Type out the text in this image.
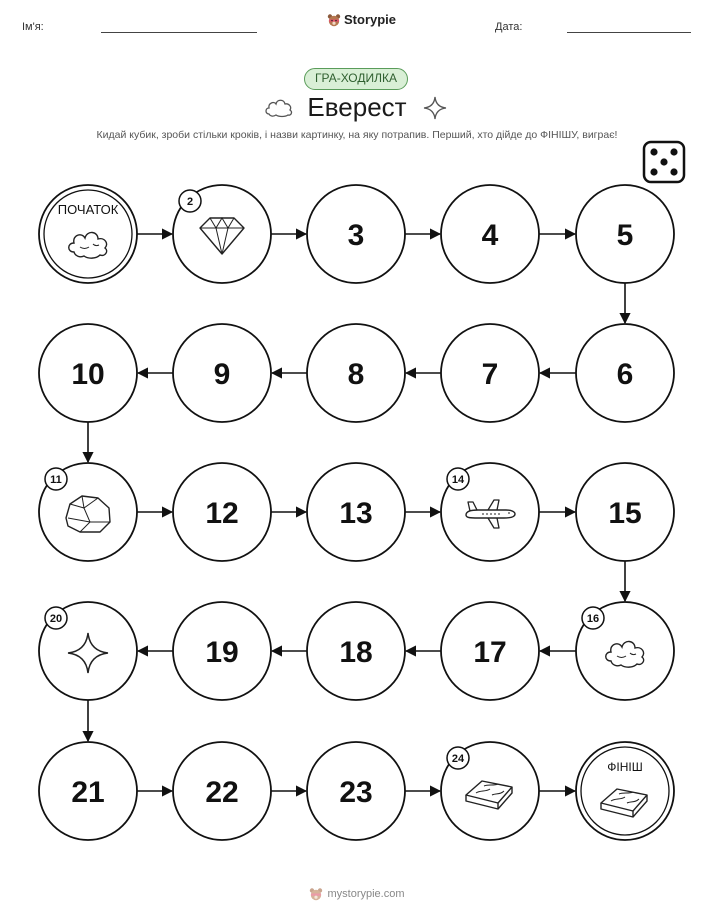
Ім'я:	Storypie	Дата:
ГРА-ХОДИЛКА
Еверест
Кидай кубик, зроби стільки кроків, і назви картинку, на яку потрапив. Перший, хто дійде до ФІНІШУ, виграє!
ПОЧАТОК	2
3	4	5
6
7
8
9
10
11
12	13
14
15
16
17
18
19
20
21	22	23
24
ФІНІШ
mystorypie.com
